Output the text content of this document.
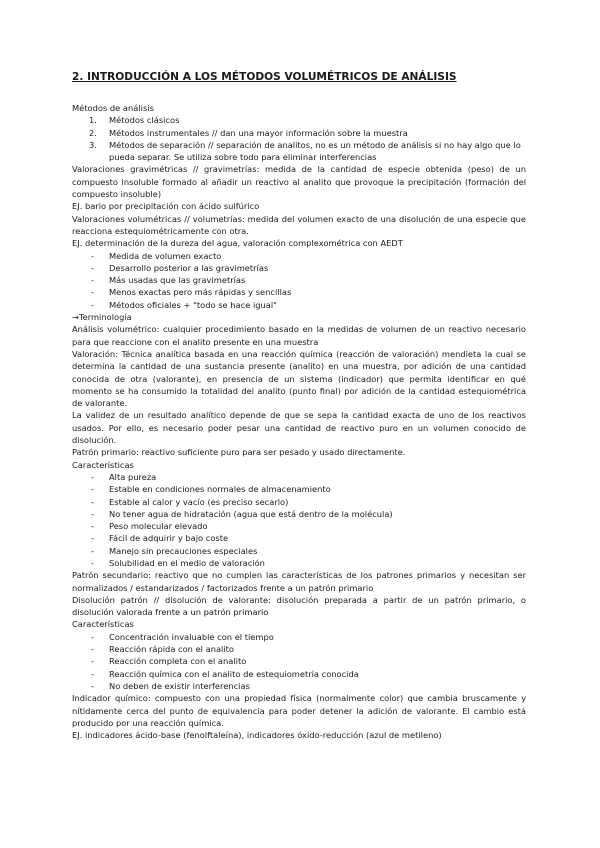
2. INTRODUCCIÓN A LOS MÉTODOS VOLUMÉTRICOS DE ANÁLISIS

Métodos de análisis

1. Métodos clásicos
2. Métodos instrumentales // dan una mayor información sobre la muestra
3. Métodos de separación // separación de analitos, no es un método de análisis si no hay algo que lo pueda separar. Se utiliza sobre todo para eliminar interferencias

Valoraciones gravimétricas // gravimetrías: medida de la cantidad de especie obtenida (peso) de un compuesto insoluble formado al añadir un reactivo al analito que provoque la precipitación (formación del compuesto insoluble)

EJ. bario por precipitación con ácido sulfúrico

Valoraciones volumétricas // volumetrías: medida del volumen exacto de una disolución de una especie que reacciona estequiométricamente con otra.

EJ. determinación de la dureza del agua, valoración complexométrica con AEDT

- Medida de volumen exacto
- Desarrollo posterior a las gravimetrías
- Más usadas que las gravimetrías
- Menos exactas pero más rápidas y sencillas
- Métodos oficiales + "todo se hace igual"

→Terminología

Análisis volumétrico: cualquier procedimiento basado en la medidas de volumen de un reactivo necesario para que reaccione con el analito presente en una muestra

Valoración: Técnica analítica basada en una reacción química (reacción de valoración) mendieta la cual se determina la cantidad de una sustancia presente (analito) en una muestra, por adición de una cantidad conocida de otra (valorante), en presencia de un sistema (indicador) que permita identificar en qué momento se ha consumido la totalidad del analito (punto final) por adición de la cantidad estequiométrica de valorante.

La validez de un resultado analítico depende de que se sepa la cantidad exacta de uno de los reactivos usados. Por ello, es necesario poder pesar una cantidad de reactivo puro en un volumen conocido de disolución.

Patrón primario: reactivo suficiente puro para ser pesado y usado directamente.

Características

- Alta pureza
- Estable en condiciones normales de almacenamiento
- Estable al calor y vacío (es preciso secarlo)
- No tener agua de hidratación (agua que está dentro de la molécula)
- Peso molecular elevado
- Fácil de adquirir y bajo coste
- Manejo sin precauciones especiales
- Solubilidad en el medio de valoración

Patrón secundario: reactivo que no cumplen las características de los patrones primarios y necesitan ser normalizados / estandarizados / factorizados frente a un patrón primario

Disolución patrón // disolución de valorante: disolución preparada a partir de un patrón primario, o disolución valorada frente a un patrón primario

Características

- Concentración invaluable con el tiempo
- Reacción rápida con el analito
- Reacción completa con el analito
- Reacción química con el analito de estequiometría conocida
- No deben de existir interferencias

Indicador químico: compuesto con una propiedad física (normalmente color) que cambia bruscamente y nítidamente cerca del punto de equivalencia para poder detener la adición de valorante. El cambio está producido por una reacción química.

EJ. indicadores ácido-base (fenolftaleína), indicadores óxido-reducción (azul de metileno)
